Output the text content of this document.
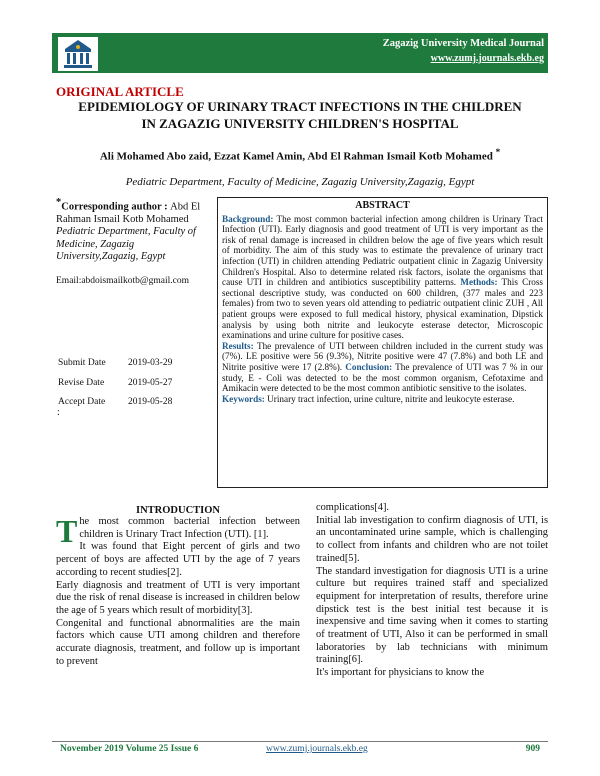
Zagazig University Medical Journal
www.zumj.journals.ekb.eg
ORIGINAL ARTICLE
EPIDEMIOLOGY OF URINARY TRACT INFECTIONS IN THE CHILDREN
IN ZAGAZIG UNIVERSITY CHILDREN'S HOSPITAL
Ali Mohamed Abo zaid, Ezzat Kamel Amin, Abd El Rahman Ismail Kotb Mohamed *
Pediatric Department, Faculty of Medicine, Zagazig University,Zagazig, Egypt
*Corresponding author : Abd El Rahman Ismail Kotb Mohamed
Pediatric Department, Faculty of Medicine, Zagazig University,Zagazig, Egypt
Email:abdoismailkotb@gmail.com
Submit Date	2019-03-29
Revise Date	2019-05-27
Accept Date	2019-05-28
:
ABSTRACT
Background: The most common bacterial infection among children is Urinary Tract Infection (UTI). Early diagnosis and good treatment of UTI is very important as the risk of renal damage is increased in children below the age of five years which result of morbidity. The aim of this study was to estimate the prevalence of urinary tract infection (UTI) in children attending Pediatric outpatient clinic in Zagazig University Children's Hospital. Also to determine related risk factors, isolate the organisms that cause UTI in children and antibiotics susceptibility patterns. Methods: This Cross sectional descriptive study, was conducted on 600 children, (377 males and 223 females) from two to seven years old attending to pediatric outpatient clinic ZUH , All patient groups were exposed to full medical history, physical examination, Dipstick analysis by using both nitrite and leukocyte esterase detector, Microscopic examinations and urine culture for positive cases.
Results: The prevalence of UTI between children included in the current study was (7%). LE positive were 56 (9.3%), Nitrite positive were 47 (7.8%) and both LE and Nitrite positive were 17 (2.8%). Conclusion: The prevalence of UTI was 7 % in our study, E - Coli was detected to be the most common organism, Cefotaxime and Amikacin were detected to be the most common antibiotic sensitive to the isolates.
Keywords: Urinary tract infection, urine culture, nitrite and leukocyte esterase.
INTRODUCTION

The most common bacterial infection between children is Urinary Tract Infection (UTI). [1].

It was found that Eight percent of girls and two percent of boys are affected UTI by the age of 7 years according to recent studies[2].

Early diagnosis and treatment of UTI is very important due the risk of renal disease is increased in children below the age of 5 years which result of morbidity[3].

Congenital and functional abnormalities are the main factors which cause UTI among children and therefore accurate diagnosis, treatment, and follow up is important to prevent

complications[4].

Initial lab investigation to confirm diagnosis of UTI, is an uncontaminated urine sample, which is challenging to collect from infants and children who are not toilet trained[5].

The standard investigation for diagnosis UTI is a urine culture but requires trained staff and specialized equipment for interpretation of results, therefore urine dipstick test is the best initial test because it is inexpensive and time saving when it comes to starting of treatment of UTI, Also it can be performed in small laboratories by lab technicians with minimum training[6].

It's important for physicians to know the

November 2019 Volume 25 Issue 6	www.zumj.journals.ekb.eg	909
